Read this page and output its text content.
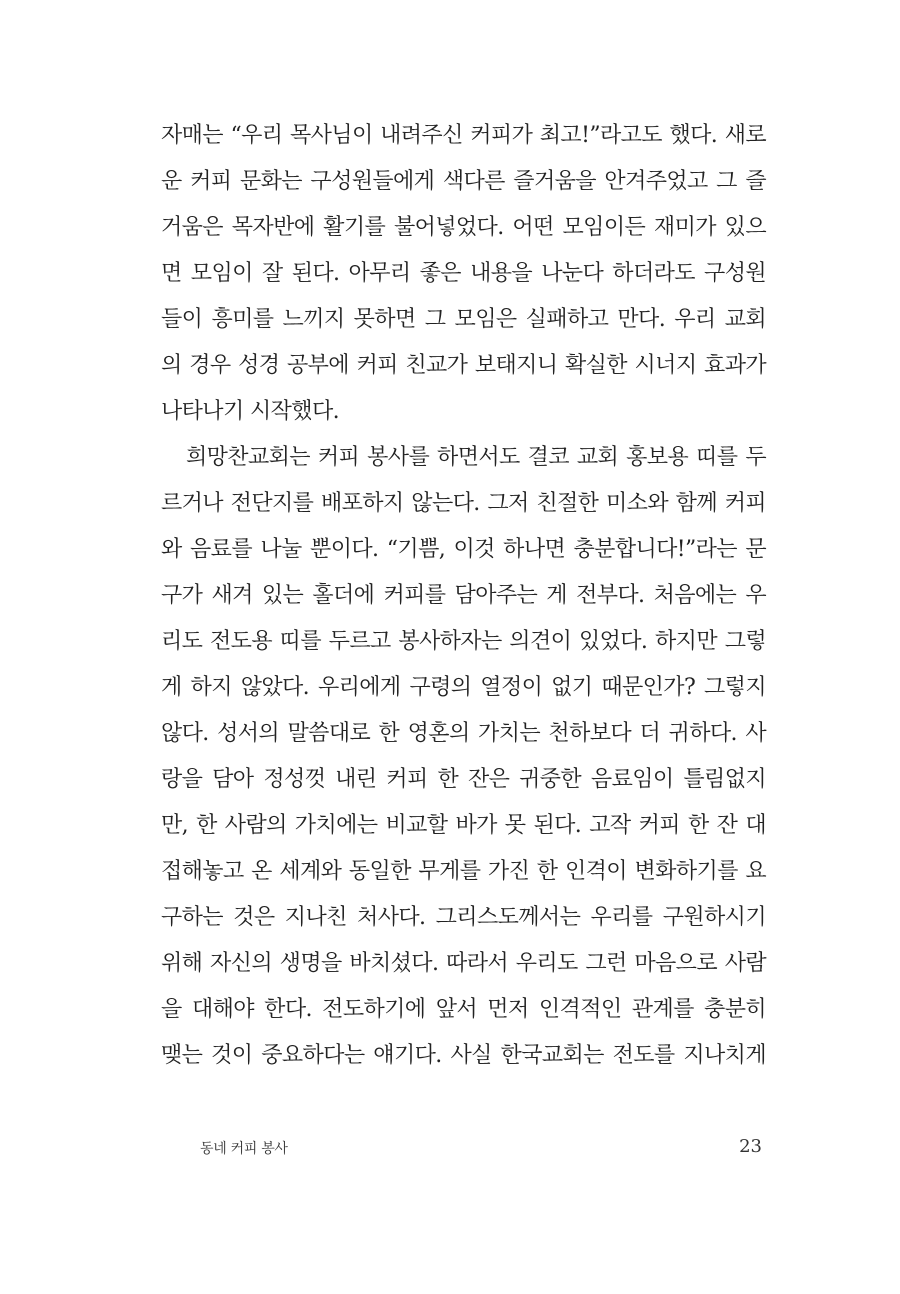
자매는 “우리 목사님이 내려주신 커피가 최고!”라고도 했다. 새로
운 커피 문화는 구성원들에게 색다른 즐거움을 안겨주었고 그 즐
거움은 목자반에 활기를 불어넣었다. 어떤 모임이든 재미가 있으
면 모임이 잘 된다. 아무리 좋은 내용을 나눈다 하더라도 구성원
들이 흥미를 느끼지 못하면 그 모임은 실패하고 만다. 우리 교회
의 경우 성경 공부에 커피 친교가 보태지니 확실한 시너지 효과가
나타나기 시작했다.
희망찬교회는 커피 봉사를 하면서도 결코 교회 홍보용 띠를 두
르거나 전단지를 배포하지 않는다. 그저 친절한 미소와 함께 커피
와 음료를 나눌 뿐이다. “기쁨, 이것 하나면 충분합니다!”라는 문
구가 새겨 있는 홀더에 커피를 담아주는 게 전부다. 처음에는 우
리도 전도용 띠를 두르고 봉사하자는 의견이 있었다. 하지만 그렇
게 하지 않았다. 우리에게 구령의 열정이 없기 때문인가? 그렇지
않다. 성서의 말씀대로 한 영혼의 가치는 천하보다 더 귀하다. 사
랑을 담아 정성껏 내린 커피 한 잔은 귀중한 음료임이 틀림없지
만, 한 사람의 가치에는 비교할 바가 못 된다. 고작 커피 한 잔 대
접해놓고 온 세계와 동일한 무게를 가진 한 인격이 변화하기를 요
구하는 것은 지나친 처사다. 그리스도께서는 우리를 구원하시기
위해 자신의 생명을 바치셨다. 따라서 우리도 그런 마음으로 사람
을 대해야 한다. 전도하기에 앞서 먼저 인격적인 관계를 충분히
맺는 것이 중요하다는 얘기다. 사실 한국교회는 전도를 지나치게
동네 커피 봉사	23
